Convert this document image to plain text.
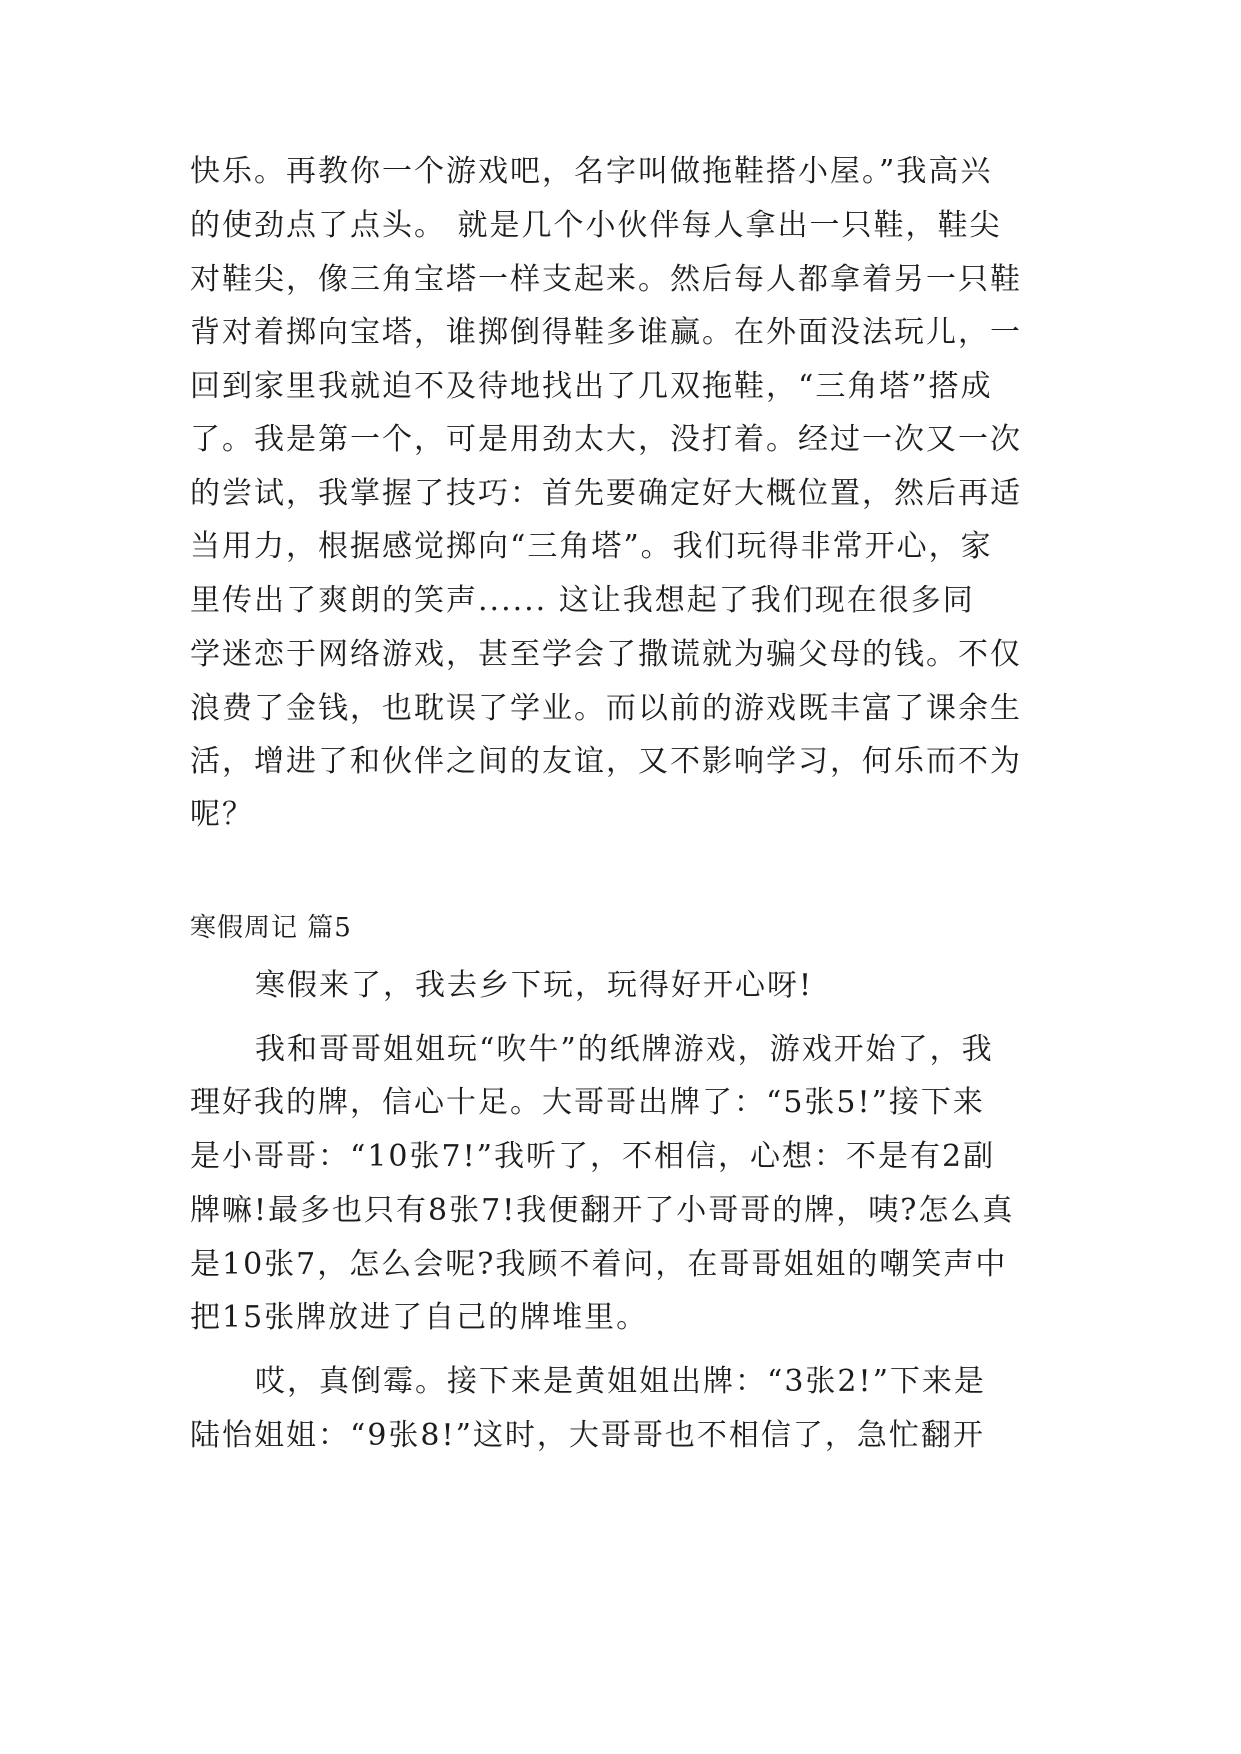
快乐。再教你一个游戏吧，名字叫做拖鞋搭小屋。”我高兴
的使劲点了点头。 就是几个小伙伴每人拿出一只鞋，鞋尖
对鞋尖，像三角宝塔一样支起来。然后每人都拿着另一只鞋
背对着掷向宝塔，谁掷倒得鞋多谁赢。在外面没法玩儿，一
回到家里我就迫不及待地找出了几双拖鞋，“三角塔”搭成
了。我是第一个，可是用劲太大，没打着。经过一次又一次
的尝试，我掌握了技巧：首先要确定好大概位置，然后再适
当用力，根据感觉掷向“三角塔”。我们玩得非常开心，家
里传出了爽朗的笑声...... 这让我想起了我们现在很多同
学迷恋于网络游戏，甚至学会了撒谎就为骗父母的钱。不仅
浪费了金钱，也耽误了学业。而以前的游戏既丰富了课余生
活，增进了和伙伴之间的友谊，又不影响学习，何乐而不为
呢？
寒假周记 篇5
寒假来了，我去乡下玩，玩得好开心呀!
我和哥哥姐姐玩“吹牛”的纸牌游戏，游戏开始了，我
理好我的牌，信心十足。大哥哥出牌了：“5张5!”接下来
是小哥哥：“10张7!”我听了，不相信，心想：不是有2副
牌嘛!最多也只有8张7!我便翻开了小哥哥的牌，咦?怎么真
是10张7，怎么会呢?我顾不着问，在哥哥姐姐的嘲笑声中
把15张牌放进了自己的牌堆里。
哎，真倒霉。接下来是黄姐姐出牌：“3张2!”下来是
陆怡姐姐：“9张8!”这时，大哥哥也不相信了，急忙翻开
